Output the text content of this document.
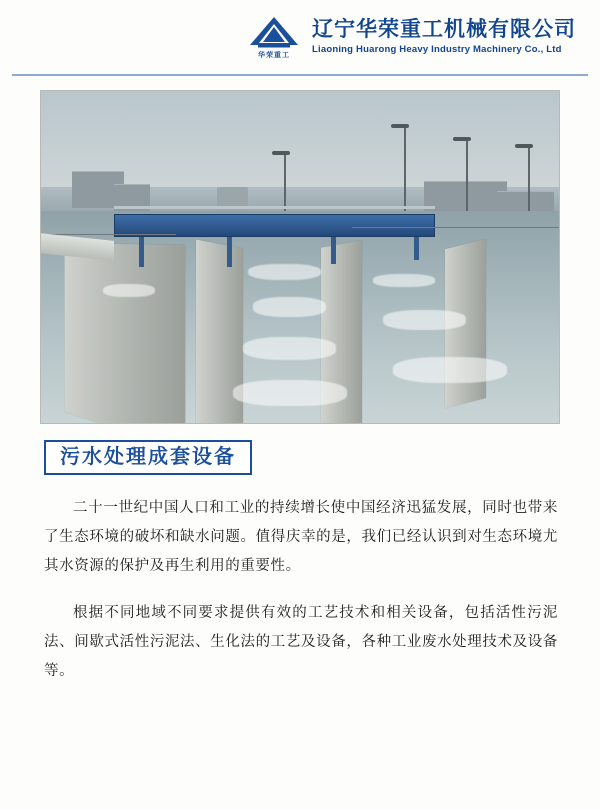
华荣重工
辽宁华荣重工机械有限公司
Liaoning Huarong Heavy Industry Machinery Co., Ltd
污水处理成套设备

二十一世纪中国人口和工业的持续增长使中国经济迅猛发展，同时也带来了生态环境的破坏和缺水问题。值得庆幸的是，我们已经认识到对生态环境尤其水资源的保护及再生利用的重要性。

根据不同地域不同要求提供有效的工艺技术和相关设备，包括活性污泥法、间歇式活性污泥法、生化法的工艺及设备，各种工业废水处理技术及设备等。
